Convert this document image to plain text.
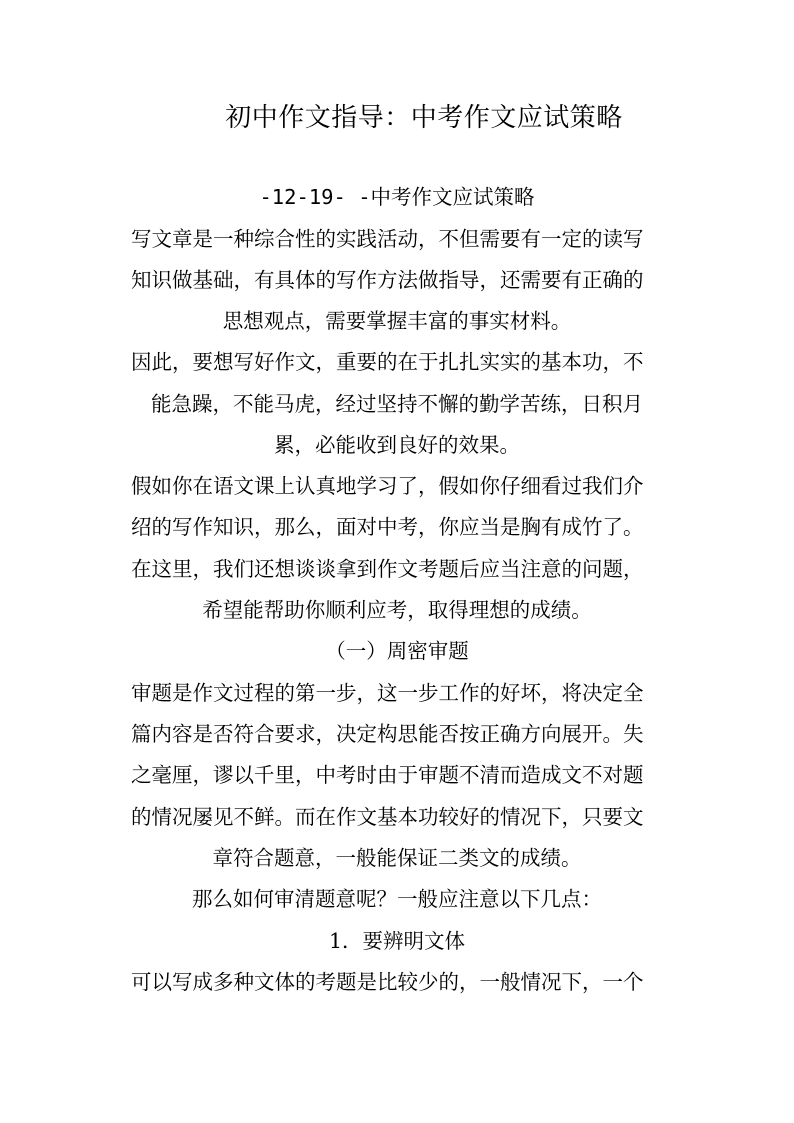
初中作文指导：中考作文应试策略
-12-19- -中考作文应试策略
写文章是一种综合性的实践活动，不但需要有一定的读写
知识做基础，有具体的写作方法做指导，还需要有正确的
思想观点，需要掌握丰富的事实材料。
因此，要想写好作文，重要的在于扎扎实实的基本功，不
能急躁，不能马虎，经过坚持不懈的勤学苦练，日积月
累，必能收到良好的效果。
假如你在语文课上认真地学习了，假如你仔细看过我们介
绍的写作知识，那么，面对中考，你应当是胸有成竹了。
在这里，我们还想谈谈拿到作文考题后应当注意的问题，
希望能帮助你顺利应考，取得理想的成绩。
（一）周密审题
审题是作文过程的第一步，这一步工作的好坏，将决定全
篇内容是否符合要求，决定构思能否按正确方向展开。失
之毫厘，谬以千里，中考时由于审题不清而造成文不对题
的情况屡见不鲜。而在作文基本功较好的情况下，只要文
章符合题意，一般能保证二类文的成绩。
那么如何审清题意呢？一般应注意以下几点：
1．要辨明文体
可以写成多种文体的考题是比较少的，一般情况下，一个
